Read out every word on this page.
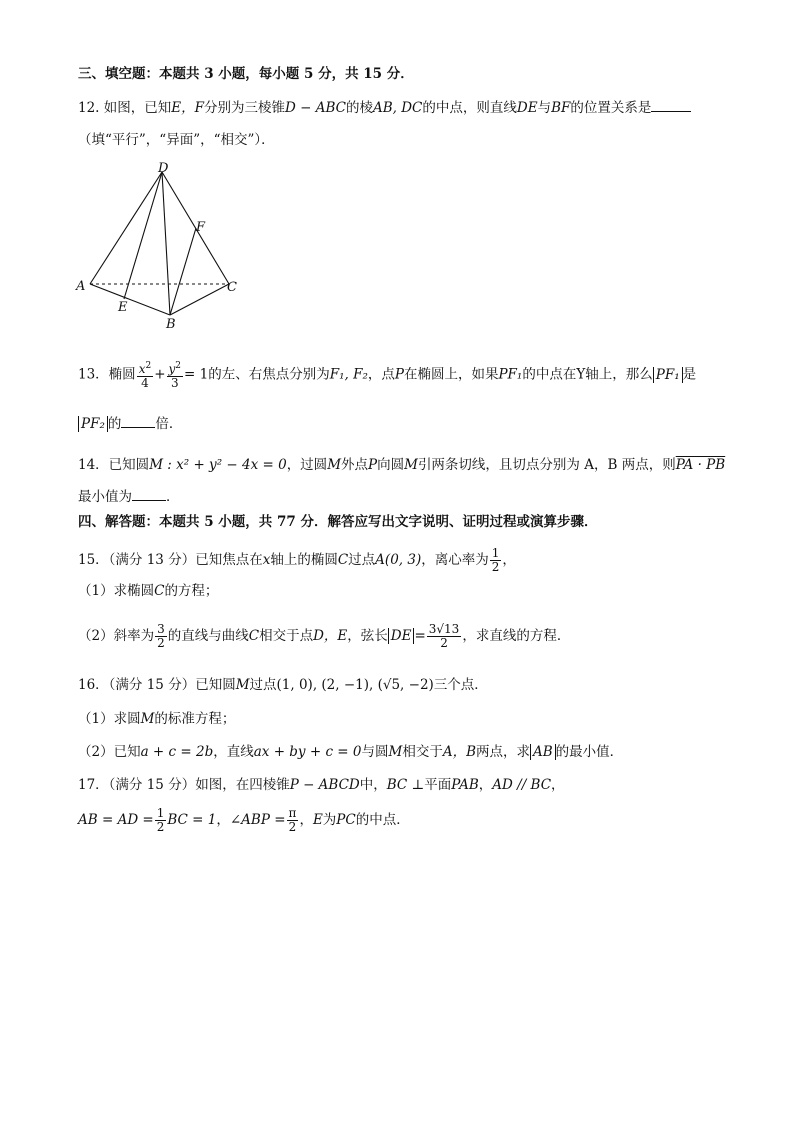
三、填空题：本题共 3 小题，每小题 5 分，共 15 分．
12. 如图，已知E，F分别为三棱锥D − ABC的棱AB, DC的中点，则直线DE与BF的位置关系是
（填“平行”，“异面”，“相交”）．
D
F
A	C
E
B
13．椭圆 $\frac{x^2}{4} + \frac{y^2}{3} = 1$的左、右焦点分别为F₁, F₂，点P在椭圆上，如果PF₁的中点在Y轴上，那么 PF₁ 是
PF₂ 的	倍．
14．已知圆M : x² + y² − 4x = 0，过圆M外点P向圆M引两条切线，且切点分别为 A，B 两点，则PA · PB
最小值为	．
四、解答题：本题共 5 小题，共 77 分．解答应写出文字说明、证明过程或演算步骤．
15．（满分 13 分）已知焦点在x轴上的椭圆C过点A(0, 3)，离心率为 $\frac{1}{2}$ ，
（1）求椭圆C的方程；
（2）斜率为 $\frac{3}{2}$ 的直线与曲线C相交于点D，E，弦长 DE = $\frac{3√13}{2}$ ，求直线的方程．
16．（满分 15 分）已知圆M过点(1, 0), (2, −1), (√5, −2)三个点．
（1）求圆M的标准方程；
（2）已知a + c = 2b，直线ax + by + c = 0与圆M相交于A，B两点，求 AB 的最小值．
17．（满分 15 分）如图，在四棱锥P − ABCD中，BC ⊥平面PAB，AD // BC，
AB = AD = $\frac{1}{2}$ BC = 1，∠ABP = $\frac{\pi}{2}$ ，E为PC的中点．
